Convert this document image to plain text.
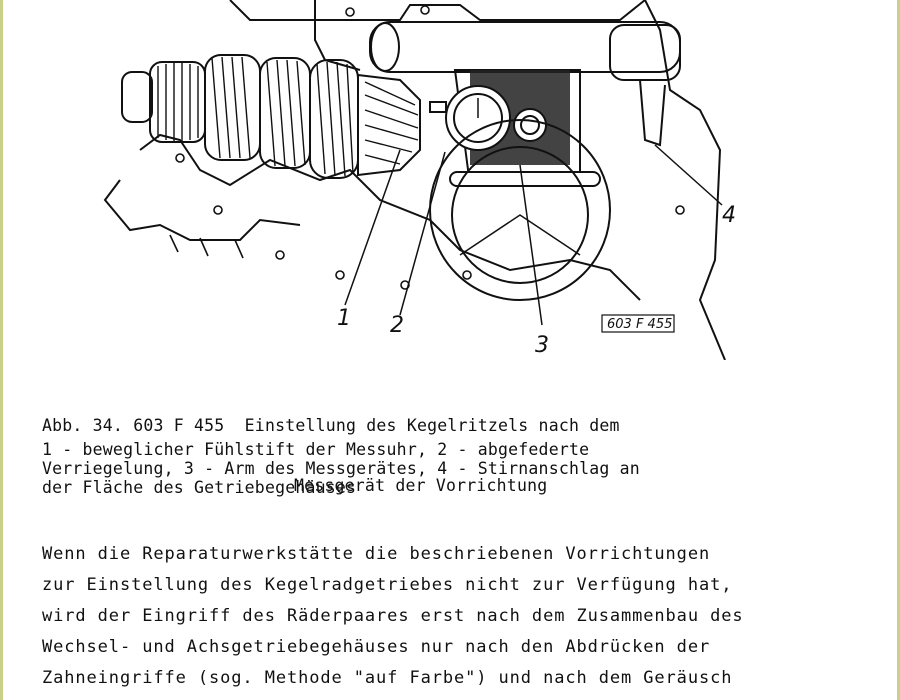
1 2
3
4
603 F 455

Abb. 34. 603 F 455  Einstellung des Kegelritzels nach dem

Messgerät der Vorrichtung

1 - beweglicher Fühlstift der Messuhr, 2 - abgefederte
Verriegelung, 3 - Arm des Messgerätes, 4 - Stirnanschlag an
der Fläche des Getriebegehäuses
Wenn die Reparaturwerkstätte die beschriebenen Vorrichtungen
zur Einstellung des Kegelradgetriebes nicht zur Verfügung hat,
wird der Eingriff des Räderpaares erst nach dem Zusammenbau des
Wechsel- und Achsgetriebegehäuses nur nach den Abdrücken der
Zahneingriffe (sog. Methode "auf Farbe") und nach dem Geräusch
